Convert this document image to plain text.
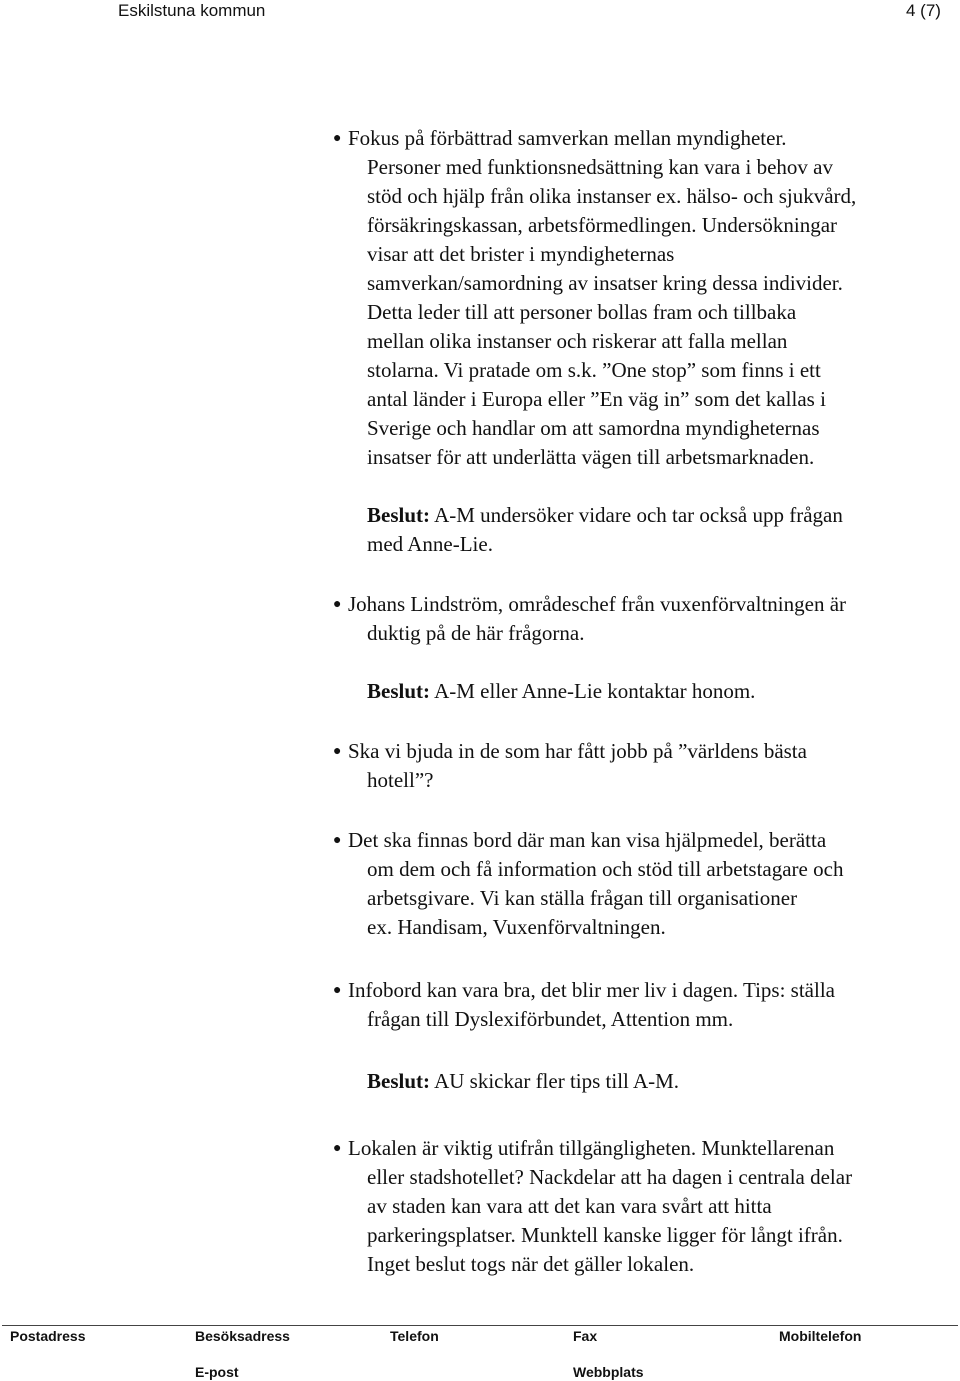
Eskilstuna kommun	4 (7)
● Fokus på förbättrad samverkan mellan myndigheter.
Personer med funktionsnedsättning kan vara i behov av
stöd och hjälp från olika instanser ex. hälso- och sjukvård,
försäkringskassan, arbetsförmedlingen. Undersökningar
visar att det brister i myndigheternas
samverkan/samordning av insatser kring dessa individer.
Detta leder till att personer bollas fram och tillbaka
mellan olika instanser och riskerar att falla mellan
stolarna. Vi pratade om s.k. ”One stop” som finns i ett
antal länder i Europa eller ”En väg in” som det kallas i
Sverige och handlar om att samordna myndigheternas
insatser för att underlätta vägen till arbetsmarknaden.
Beslut: A-M undersöker vidare och tar också upp frågan
med Anne-Lie.
● Johans Lindström, områdeschef från vuxenförvaltningen är
duktig på de här frågorna.
Beslut: A-M eller Anne-Lie kontaktar honom.
● Ska vi bjuda in de som har fått jobb på ”världens bästa
hotell”?
● Det ska finnas bord där man kan visa hjälpmedel, berätta
om dem och få information och stöd till arbetstagare och
arbetsgivare. Vi kan ställa frågan till organisationer
ex. Handisam, Vuxenförvaltningen.
● Infobord kan vara bra, det blir mer liv i dagen. Tips: ställa
frågan till Dyslexiförbundet, Attention mm.
Beslut: AU skickar fler tips till A-M.
● Lokalen är viktig utifrån tillgängligheten. Munktellarenan
eller stadshotellet? Nackdelar att ha dagen i centrala delar
av staden kan vara att det kan vara svårt att hitta
parkeringsplatser. Munktell kanske ligger för långt ifrån.
Inget beslut togs när det gäller lokalen.
Postadress	Besöksadress	Telefon	Fax	Mobiltelefon
E-post	Webbplats
